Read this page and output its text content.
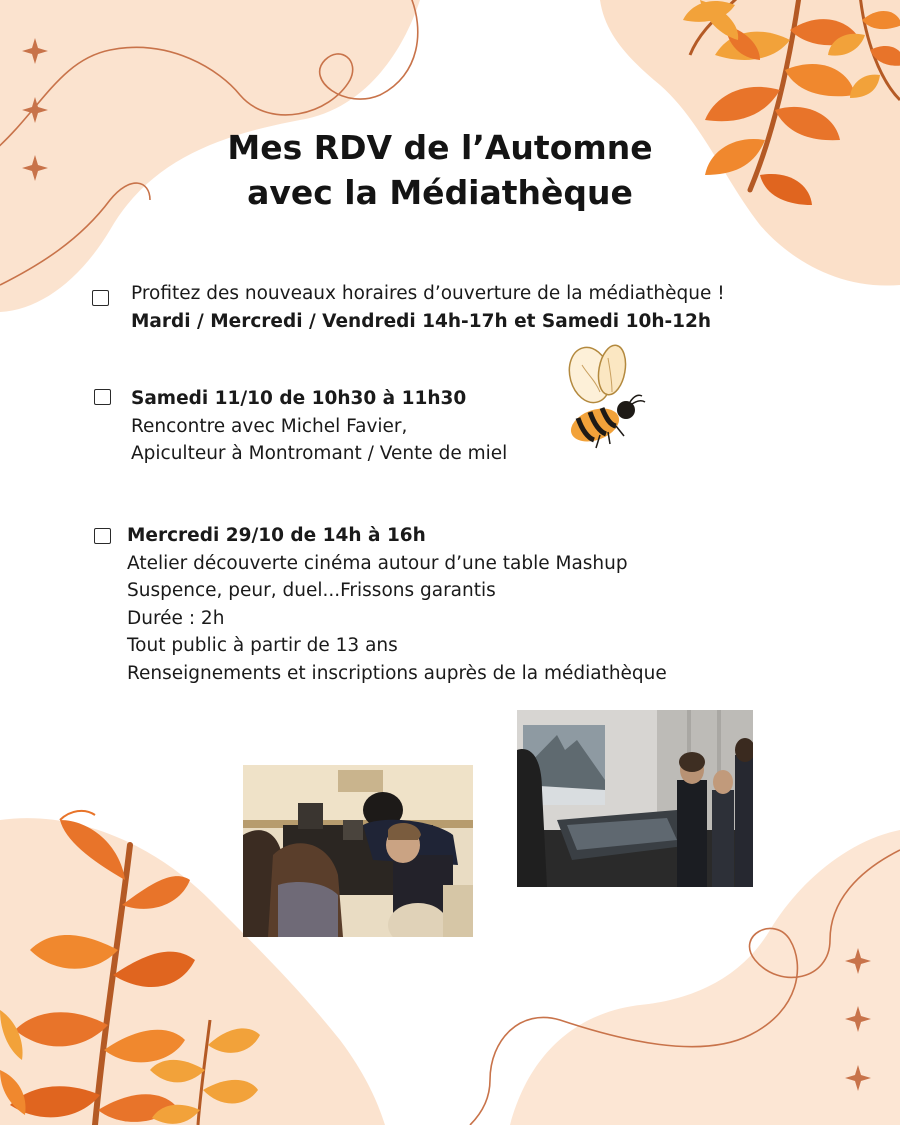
Mes RDV de l’Automne
avec la Médiathèque

Profitez des nouveaux horaires d’ouverture de la médiathèque !

Mardi / Mercredi / Vendredi 14h-17h et Samedi 10h-12h

Samedi 11/10 de 10h30 à 11h30

Rencontre avec Michel Favier,

Apiculteur à Montromant / Vente de miel

Mercredi 29/10 de 14h à 16h

Atelier découverte cinéma autour d’une table Mashup

Suspence, peur, duel...Frissons garantis

Durée : 2h

Tout public à partir de 13 ans

Renseignements et inscriptions auprès de la médiathèque
